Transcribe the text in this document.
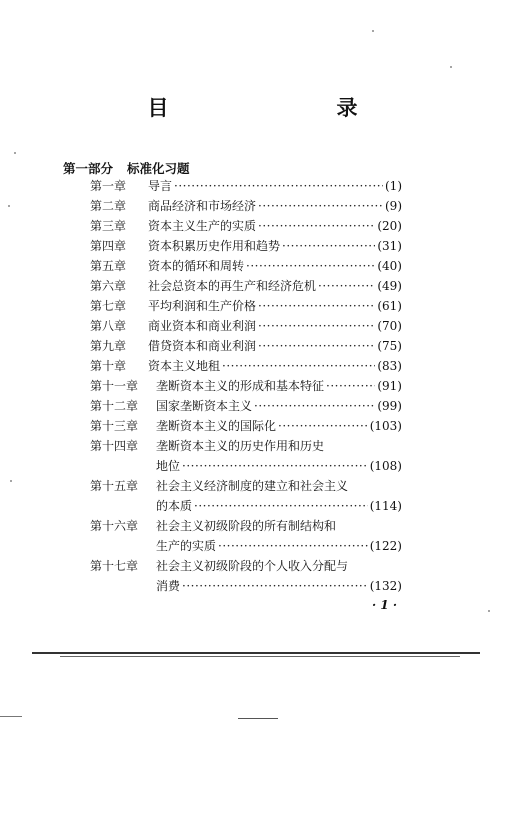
目　　录
第一部分 标准化习题
第一章	导言 ·····	(1)
第二章	商品经济和市场经济 ·····	(9)
第三章	资本主义生产的实质 ·····	(20)
第四章	资本积累历史作用和趋势 ·····	(31)
第五章	资本的循环和周转 ·····	(40)
第六章	社会总资本的再生产和经济危机 ·····	(49)
第七章	平均利润和生产价格 ·····	(61)
第八章	商业资本和商业利润 ·····	(70)
第九章	借贷资本和商业利润 ·····	(75)
第十章	资本主义地租 ·····	(83)
第十一章	垄断资本主义的形成和基本特征 ·····	(91)
第十二章	国家垄断资本主义 ·····	(99)
第十三章	垄断资本主义的国际化 ·····	(103)
第十四章	垄断资本主义的历史作用和历史
地位 ·····	(108)
第十五章	社会主义经济制度的建立和社会主义
的本质 ·····	(114)
第十六章	社会主义初级阶段的所有制结构和
生产的实质 ·····	(122)
第十七章	社会主义初级阶段的个人收入分配与
消费 ·····	(132)
· 1 ·
